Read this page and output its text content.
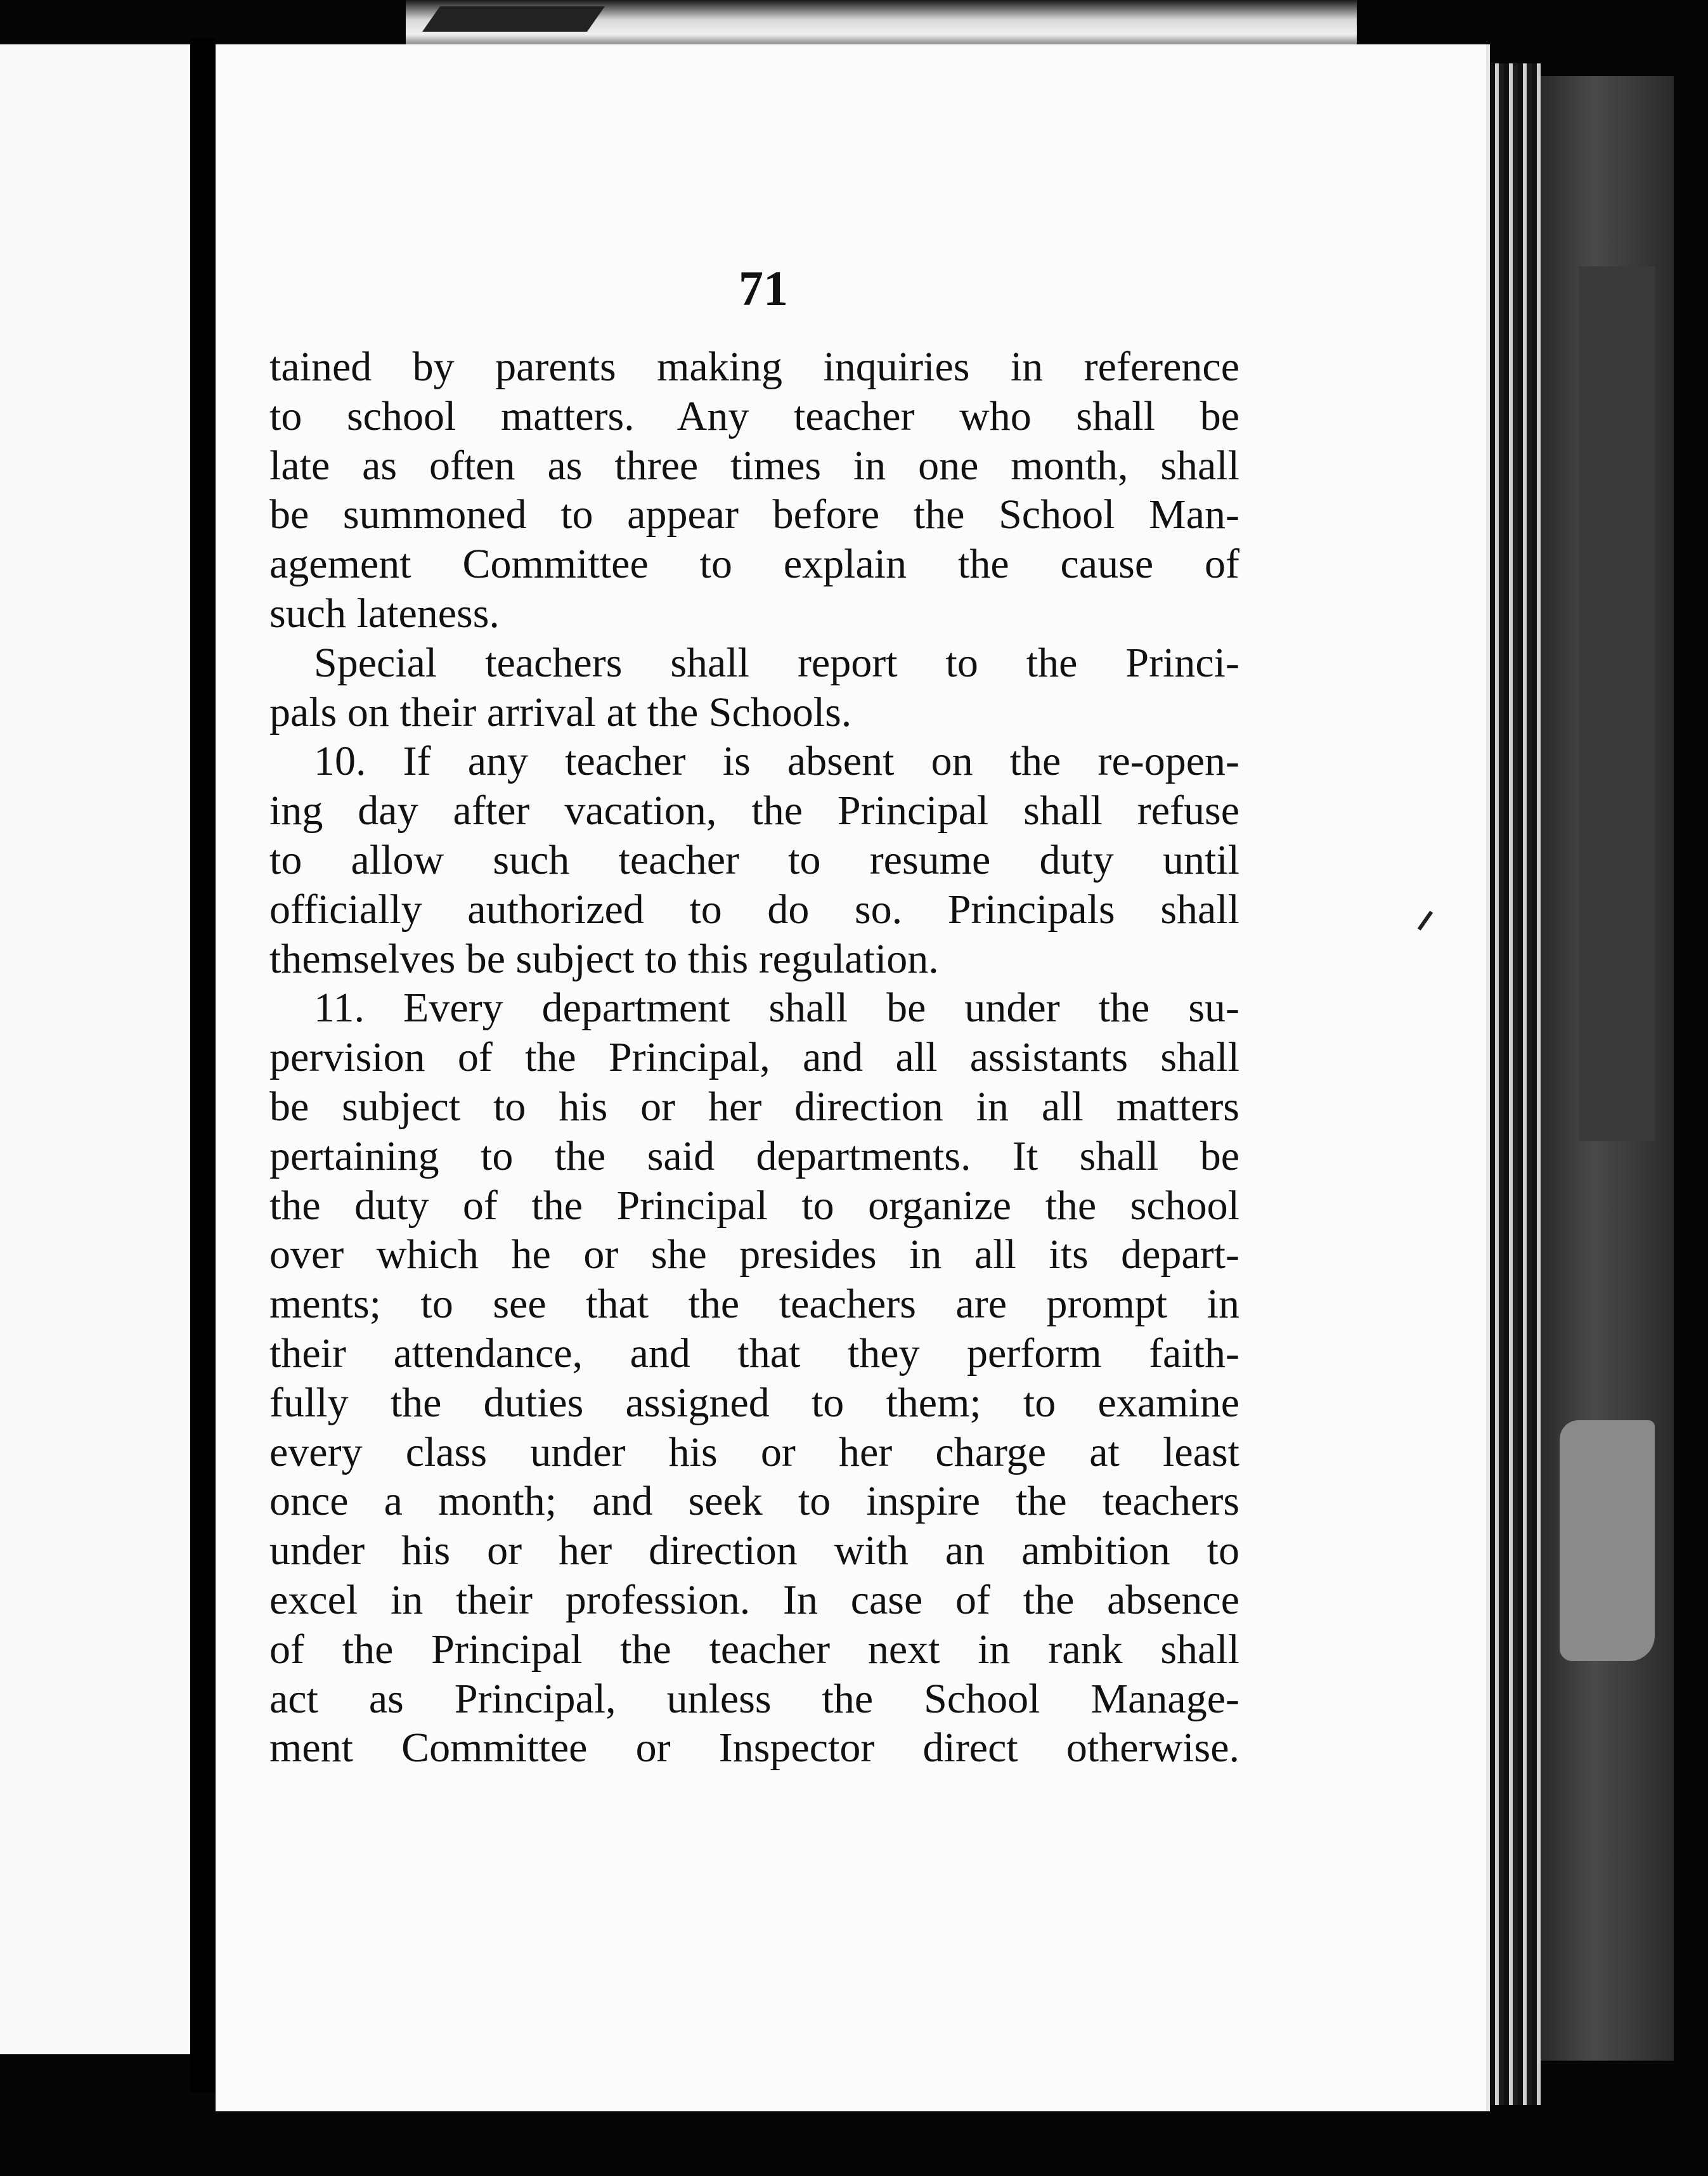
71
tained by parents making inquiries in reference
to school matters. Any teacher who shall be
late as often as three times in one month, shall
be summoned to appear before the School Man-
agement Committee to explain the cause of
such lateness.
Special teachers shall report to the Princi-
pals on their arrival at the Schools.
10. If any teacher is absent on the re-open-
ing day after vacation, the Principal shall refuse
to allow such teacher to resume duty until
officially authorized to do so. Principals shall
themselves be subject to this regulation.
11. Every department shall be under the su-
pervision of the Principal, and all assistants shall
be subject to his or her direction in all matters
pertaining to the said departments. It shall be
the duty of the Principal to organize the school
over which he or she presides in all its depart-
ments; to see that the teachers are prompt in
their attendance, and that they perform faith-
fully the duties assigned to them; to examine
every class under his or her charge at least
once a month; and seek to inspire the teachers
under his or her direction with an ambition to
excel in their profession. In case of the absence
of the Principal the teacher next in rank shall
act as Principal, unless the School Manage-
ment Committee or Inspector direct otherwise.
